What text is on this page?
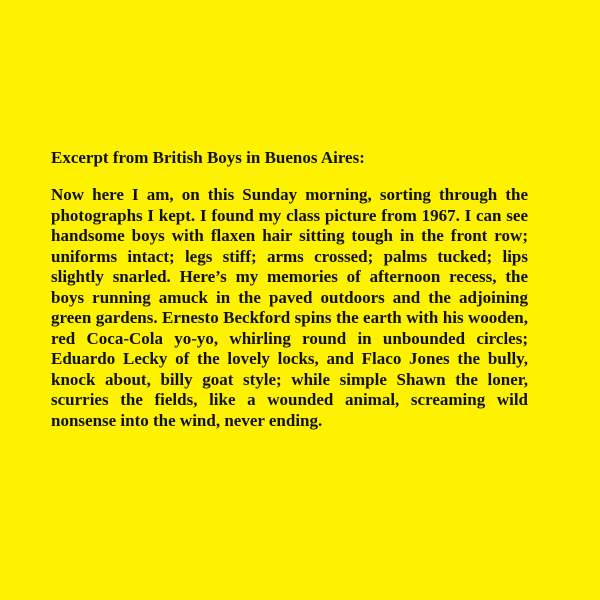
Excerpt from British Boys in Buenos Aires:

Now here I am, on this Sunday morning, sorting through the photographs I kept. I found my class picture from 1967. I can see handsome boys with flaxen hair sitting tough in the front row; uniforms intact; legs stiff; arms crossed; palms tucked; lips slightly snarled. Here’s my memories of afternoon recess, the boys running amuck in the paved outdoors and the adjoining green gardens. Ernesto Beckford spins the earth with his wooden, red Coca-Cola yo-yo, whirling round in unbounded circles; Eduardo Lecky of the lovely locks, and Flaco Jones the bully, knock about, billy goat style; while simple Shawn the loner, scurries the fields, like a wounded animal, screaming wild nonsense into the wind, never ending.
